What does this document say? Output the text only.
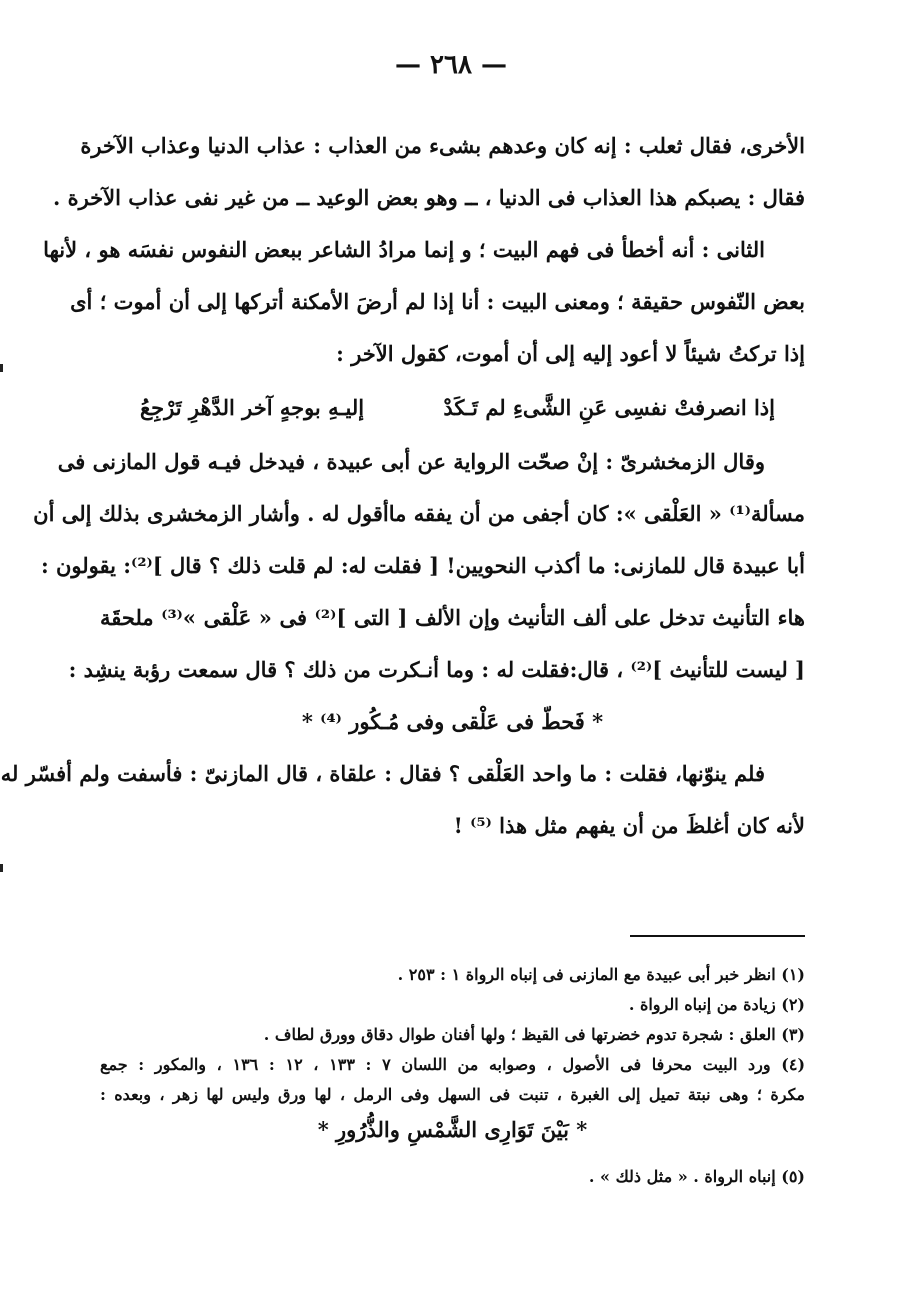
— ٢٦٨ —
الأخرى، فقال ثعلب : إنه كان وعدهم بشىء من العذاب : عذاب الدنيا وعذاب الآخرة
فقال : يصبكم هذا العذاب فى الدنيا ، ــ وهو بعض الوعيد ــ من غير نفى عذاب الآخرة .
الثانى : أنه أخطأ فى فهم البيت ؛ و إنما مرادُ الشاعر ببعض النفوس نفسَه هو ، لأنها
بعض النّفوس حقيقة ؛ ومعنى البيت : أنا إذا لم أرضَ الأمكنة أتركها إلى أن أموت ؛ أى
إذا تركتُ شيئاً لا أعود إليه إلى أن أموت، كقول الآخر :
إذا انصرفتْ نفسِى عَنِ الشَّىءِ لم تَـكَدْ
إليـهِ بوجهٍ آخر الدَّهْرِ تَرْجِعُ
وقال الزمخشرىّ : إنْ صحّت الرواية عن أبى عبيدة ، فيدخل فيـه قول المازنى فى
مسألة⁽¹⁾ « العَلْقى »: كان أجفى من أن يفقه ماأقول له . وأشار الزمخشرى بذلك إلى أن
أبا عبيدة قال للمازنى: ما أكذب النحويين! [ فقلت له: لم قلت ذلك ؟ قال ]⁽²⁾: يقولون :
هاء التأنيث تدخل على ألف التأنيث وإن الألف [ التى ]⁽²⁾ فى « عَلْقى »⁽³⁾ ملحقَة
[ ليست للتأنيث ]⁽²⁾ ، قال:فقلت له : وما أنـكرت من ذلك ؟ قال سمعت رؤبة ينشِد :
* فَحطّ فى عَلْقى وفى مُـكُور ⁽⁴⁾ *
فلم ينوّنها، فقلت : ما واحد العَلْقى ؟ فقال : علقاة ، قال المازنىّ : فأسفت ولم أفسّر له
لأنه كان أغلظَ من أن يفهم مثل هذا ⁽⁵⁾ !
(١) انظر خبر أبى عبيدة مع المازنى فى إنباه الرواة ١ : ٢٥٣ .
(٢) زيادة من إنباه الرواة .
(٣) العلق : شجرة تدوم خضرتها فى القيظ ؛ ولها أفنان طوال دقاق وورق لطاف .
(٤) ورد البيت محرفا فى الأصول ، وصوابه من اللسان ٧ : ١٣٣ ، ١٢ : ١٣٦ ، والمكور : جمع
مكرة ؛ وهى نبتة تميل إلى الغبرة ، تنبت فى السهل وفى الرمل ، لها ورق وليس لها زهر ، وبعده :
* بَيْنَ تَوَارِى الشَّمْسِ والذُّرُورِ *
(٥) إنباه الرواة . « مثل ذلك » .
